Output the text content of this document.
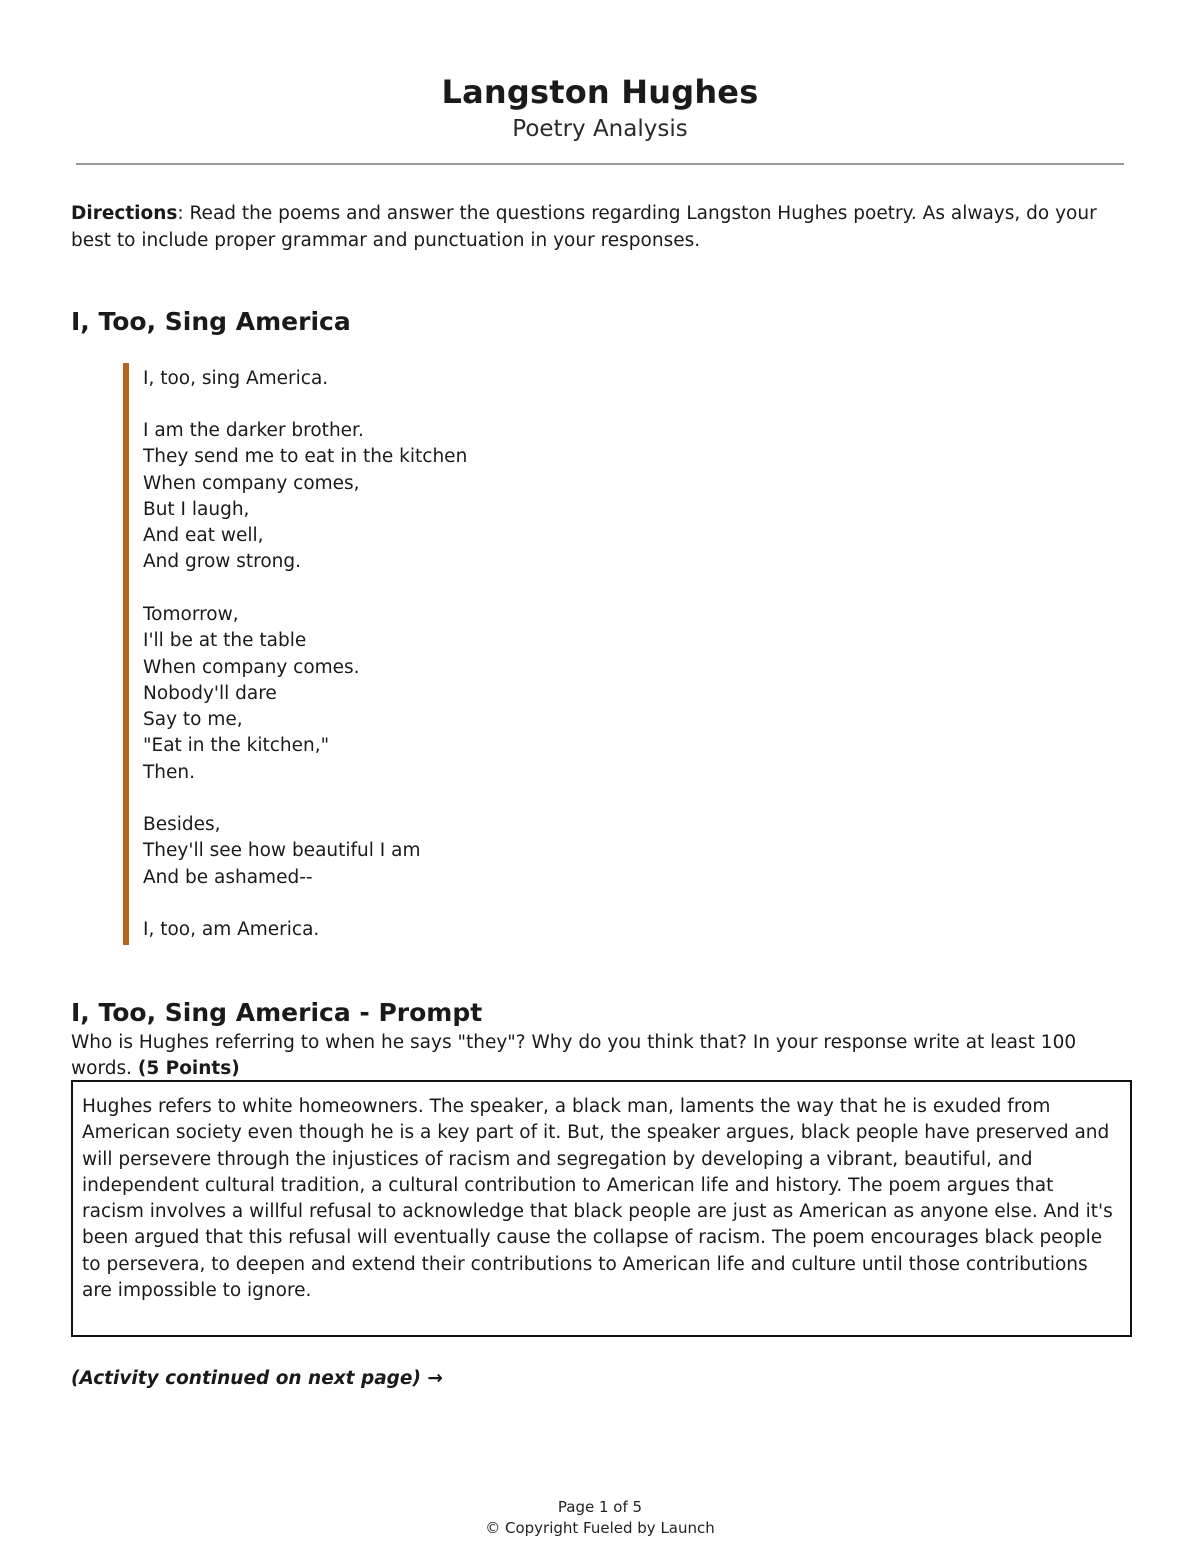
Langston Hughes
Poetry Analysis
Directions: Read the poems and answer the questions regarding Langston Hughes poetry. As always, do your best to include proper grammar and punctuation in your responses.
I, Too, Sing America
I, too, sing America.
I am the darker brother.
They send me to eat in the kitchen
When company comes,
But I laugh,
And eat well,
And grow strong.
Tomorrow,
I'll be at the table
When company comes.
Nobody'll dare
Say to me,
"Eat in the kitchen,"
Then.
Besides,
They'll see how beautiful I am
And be ashamed--
I, too, am America.
I, Too, Sing America - Prompt
Who is Hughes referring to when he says "they"? Why do you think that? In your response write at least 100 words. (5 Points)
Hughes refers to white homeowners. The speaker, a black man, laments the way that he is exuded from American society even though he is a key part of it. But, the speaker argues, black people have preserved and will persevere through the injustices of racism and segregation by developing a vibrant, beautiful, and independent cultural tradition, a cultural contribution to American life and history. The poem argues that racism involves a willful refusal to acknowledge that black people are just as American as anyone else. And it's been argued that this refusal will eventually cause the collapse of racism. The poem encourages black people to persevera, to deepen and extend their contributions to American life and culture until those contributions are impossible to ignore.
(Activity continued on next page) →
Page 1 of 5
© Copyright Fueled by Launch
